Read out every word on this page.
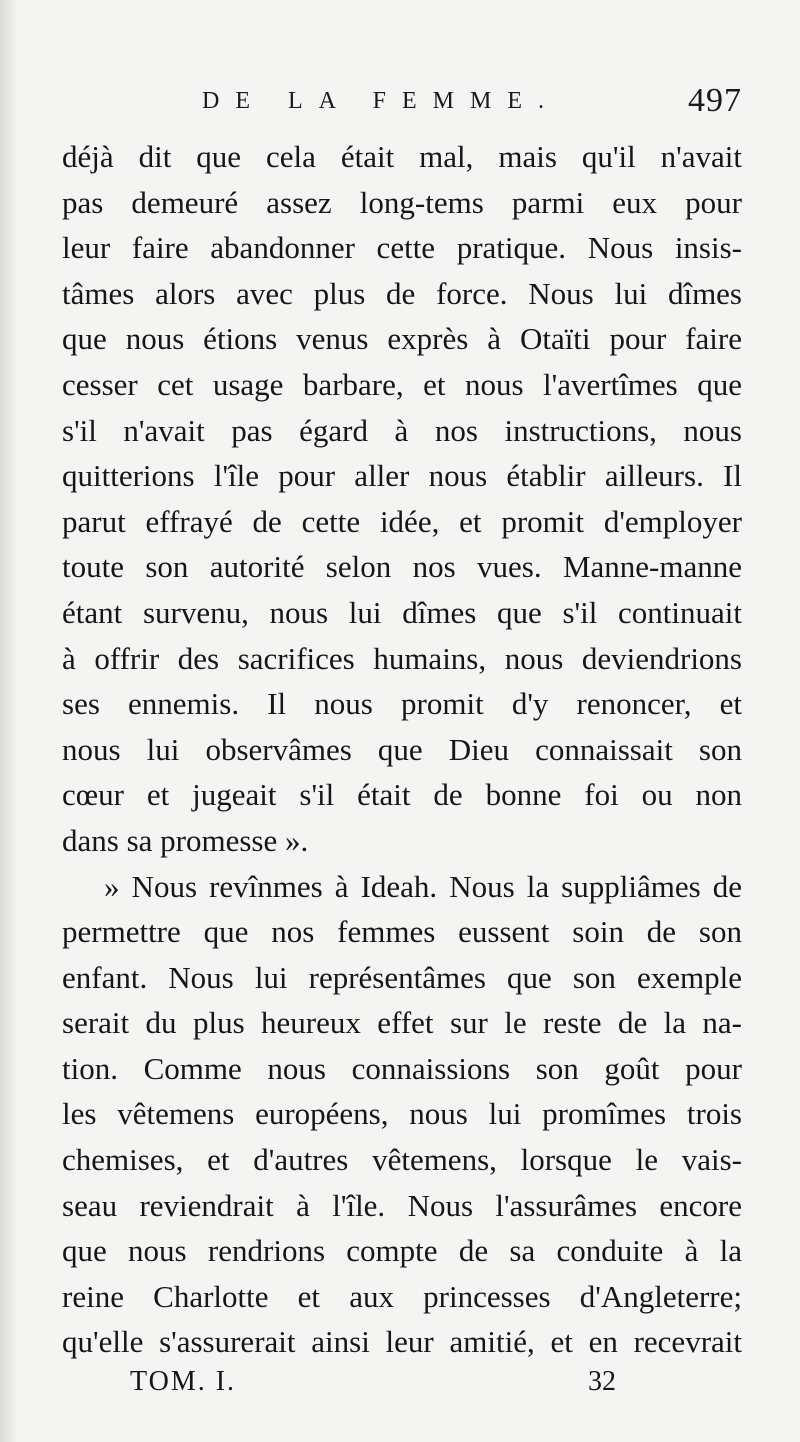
DE LA FEMME.	497
déjà dit que cela était mal, mais qu'il n'avait
pas demeuré assez long-tems parmi eux pour
leur faire abandonner cette pratique. Nous insis-
tâmes alors avec plus de force. Nous lui dîmes
que nous étions venus exprès à Otaïti pour faire
cesser cet usage barbare, et nous l'avertîmes que
s'il n'avait pas égard à nos instructions, nous
quitterions l'île pour aller nous établir ailleurs. Il
parut effrayé de cette idée, et promit d'employer
toute son autorité selon nos vues. Manne-manne
étant survenu, nous lui dîmes que s'il continuait
à offrir des sacrifices humains, nous deviendrions
ses ennemis. Il nous promit d'y renoncer, et
nous lui observâmes que Dieu connaissait son
cœur et jugeait s'il était de bonne foi ou non
dans sa promesse ».
» Nous revînmes à Ideah. Nous la suppliâmes de
permettre que nos femmes eussent soin de son
enfant. Nous lui représentâmes que son exemple
serait du plus heureux effet sur le reste de la na-
tion. Comme nous connaissions son goût pour
les vêtemens européens, nous lui promîmes trois
chemises, et d'autres vêtemens, lorsque le vais-
seau reviendrait à l'île. Nous l'assurâmes encore
que nous rendrions compte de sa conduite à la
reine Charlotte et aux princesses d'Angleterre;
qu'elle s'assurerait ainsi leur amitié, et en recevrait
TOM. I.	32
